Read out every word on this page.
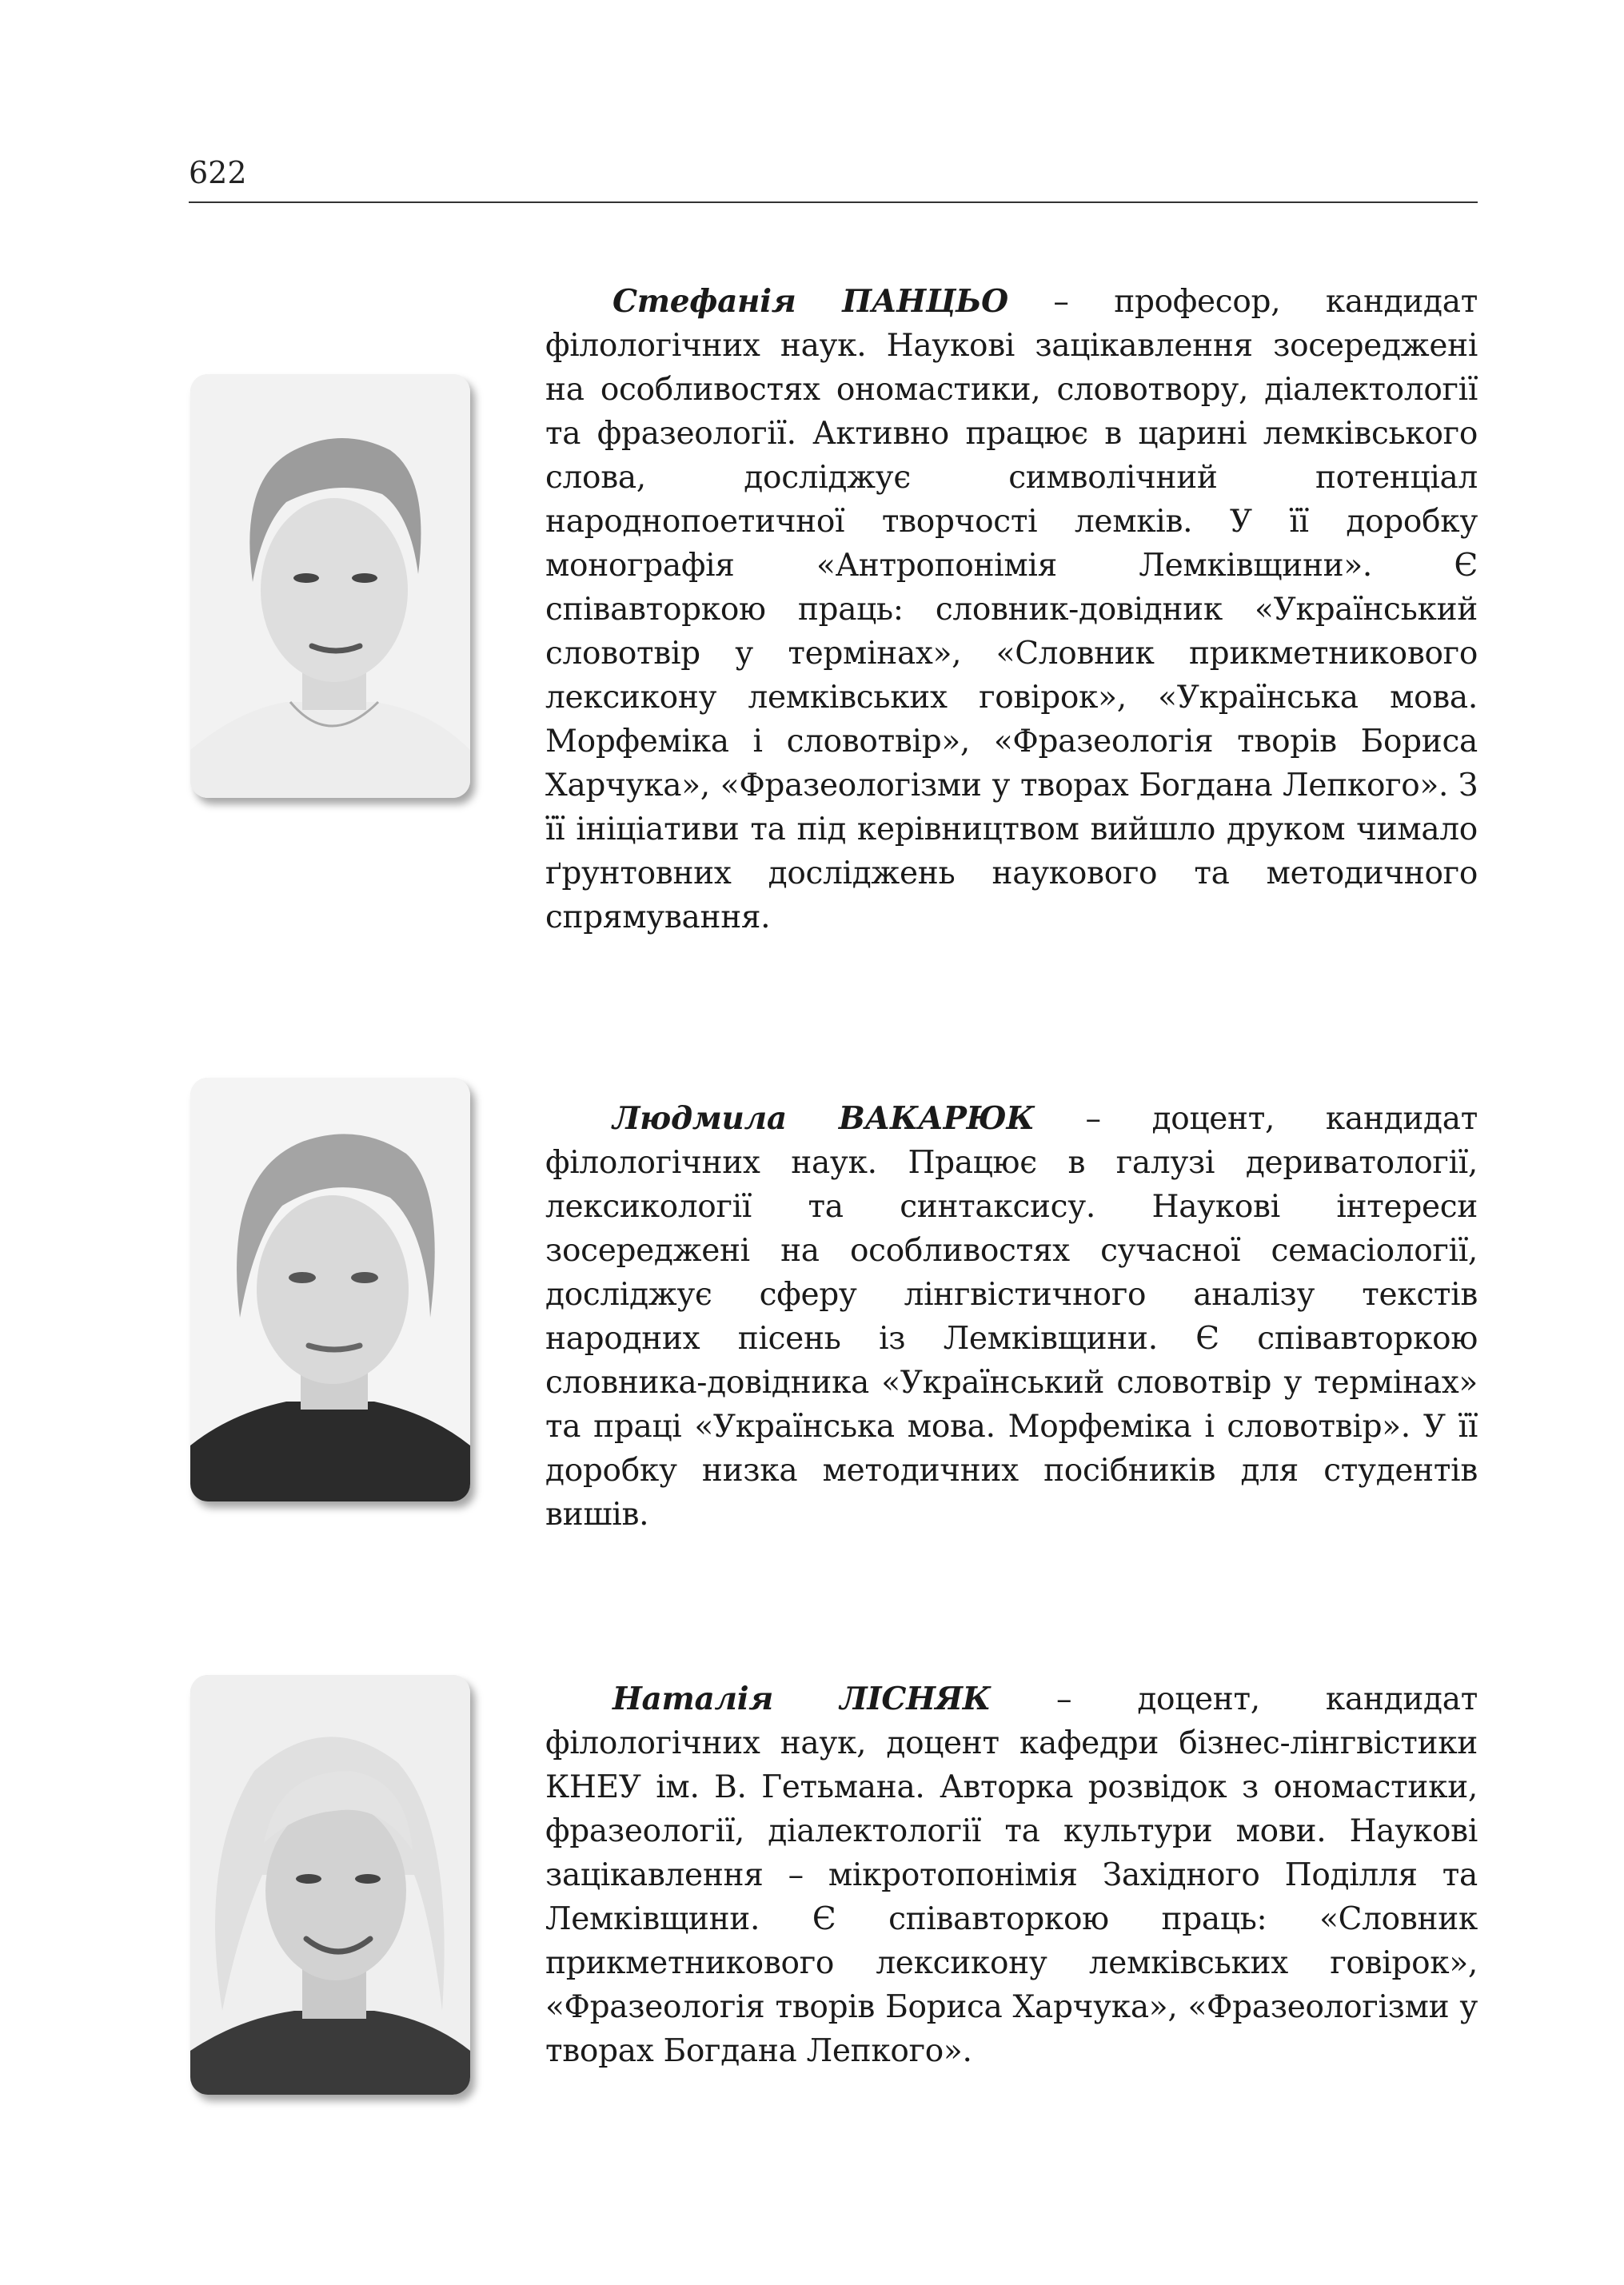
622

Стефанія ПАНЦЬО – професор, кандидат філологічних наук. Наукові зацікавлення зосереджені на особливостях ономастики, словотвору, діалектології та фразеології. Активно працює в царині лемківського слова, досліджує символічний потенціал народнопоетичної творчості лемків. У її доробку монографія «Антропонімія Лемківщини». Є співавторкою праць: словник-довідник «Український словотвір у термінах», «Словник прикметникового лексикону лемківських говірок», «Українська мова. Морфеміка і словотвір», «Фразеологія творів Бориса Харчука», «Фразеологізми у творах Богдана Лепкого». З її ініціативи та під керівництвом вийшло друком чимало ґрунтовних досліджень наукового та методичного спрямування.

Людмила ВАКАРЮК – доцент, кандидат філологічних наук. Працює в галузі дериватології, лексикології та синтаксису. Наукові інтереси зосереджені на особливостях сучасної семасіології, досліджує сферу лінгвістичного аналізу текстів народних пісень із Лемківщини. Є співавторкою словника-довідника «Український словотвір у термінах» та праці «Українська мова. Морфеміка і словотвір». У її доробку низка методичних посібників для студентів вишів.

Наталія ЛІСНЯК – доцент, кандидат філологічних наук, доцент кафедри бізнес-лінгвістики КНЕУ ім. В. Гетьмана. Авторка розвідок з ономастики, фразеології, діалектології та культури мови. Наукові зацікавлення – мікротопонімія Західного Поділля та Лемківщини. Є співавторкою праць: «Словник прикметникового лексикону лемківських говірок», «Фразеологія творів Бориса Харчука», «Фразеологізми у творах Богдана Лепкого».
